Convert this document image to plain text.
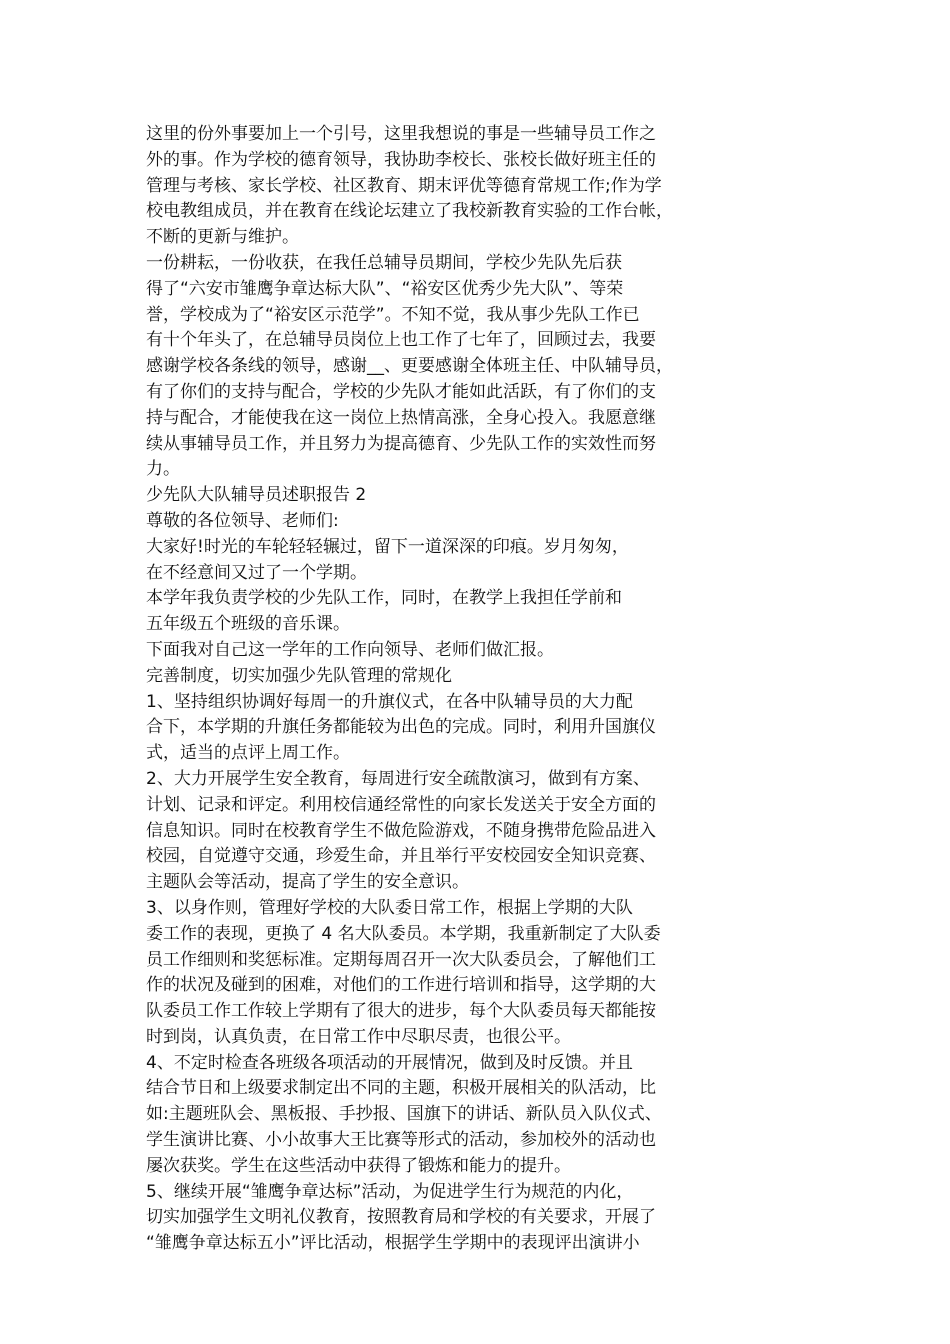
这里的份外事要加上一个引号，这里我想说的事是一些辅导员工作之
外的事。作为学校的德育领导，我协助李校长、张校长做好班主任的
管理与考核、家长学校、社区教育、期末评优等德育常规工作;作为学
校电教组成员，并在教育在线论坛建立了我校新教育实验的工作台帐，
不断的更新与维护。
一份耕耘，一份收获，在我任总辅导员期间，学校少先队先后获
得了“六安市雏鹰争章达标大队”、“裕安区优秀少先大队”、等荣
誉，学校成为了“裕安区示范学”。不知不觉，我从事少先队工作已
有十个年头了，在总辅导员岗位上也工作了七年了，回顾过去，我要
感谢学校各条线的领导，感谢__、更要感谢全体班主任、中队辅导员，
有了你们的支持与配合，学校的少先队才能如此活跃，有了你们的支
持与配合，才能使我在这一岗位上热情高涨，全身心投入。我愿意继
续从事辅导员工作，并且努力为提高德育、少先队工作的实效性而努
力。
少先队大队辅导员述职报告 2
尊敬的各位领导、老师们:
大家好!时光的车轮轻轻辗过，留下一道深深的印痕。岁月匆匆，
在不经意间又过了一个学期。
本学年我负责学校的少先队工作，同时，在教学上我担任学前和
五年级五个班级的音乐课。
下面我对自己这一学年的工作向领导、老师们做汇报。
完善制度，切实加强少先队管理的常规化
1、坚持组织协调好每周一的升旗仪式，在各中队辅导员的大力配
合下，本学期的升旗任务都能较为出色的完成。同时，利用升国旗仪
式，适当的点评上周工作。
2、大力开展学生安全教育，每周进行安全疏散演习，做到有方案、
计划、记录和评定。利用校信通经常性的向家长发送关于安全方面的
信息知识。同时在校教育学生不做危险游戏，不随身携带危险品进入
校园，自觉遵守交通，珍爱生命，并且举行平安校园安全知识竞赛、
主题队会等活动，提高了学生的安全意识。
3、以身作则，管理好学校的大队委日常工作，根据上学期的大队
委工作的表现，更换了 4 名大队委员。本学期，我重新制定了大队委
员工作细则和奖惩标准。定期每周召开一次大队委员会，了解他们工
作的状况及碰到的困难，对他们的工作进行培训和指导，这学期的大
队委员工作工作较上学期有了很大的进步，每个大队委员每天都能按
时到岗，认真负责，在日常工作中尽职尽责，也很公平。
4、不定时检查各班级各项活动的开展情况，做到及时反馈。并且
结合节日和上级要求制定出不同的主题，积极开展相关的队活动，比
如:主题班队会、黑板报、手抄报、国旗下的讲话、新队员入队仪式、
学生演讲比赛、小小故事大王比赛等形式的活动，参加校外的活动也
屡次获奖。学生在这些活动中获得了锻炼和能力的提升。
5、继续开展“雏鹰争章达标”活动，为促进学生行为规范的内化，
切实加强学生文明礼仪教育，按照教育局和学校的有关要求，开展了
“雏鹰争章达标五小”评比活动，根据学生学期中的表现评出演讲小
